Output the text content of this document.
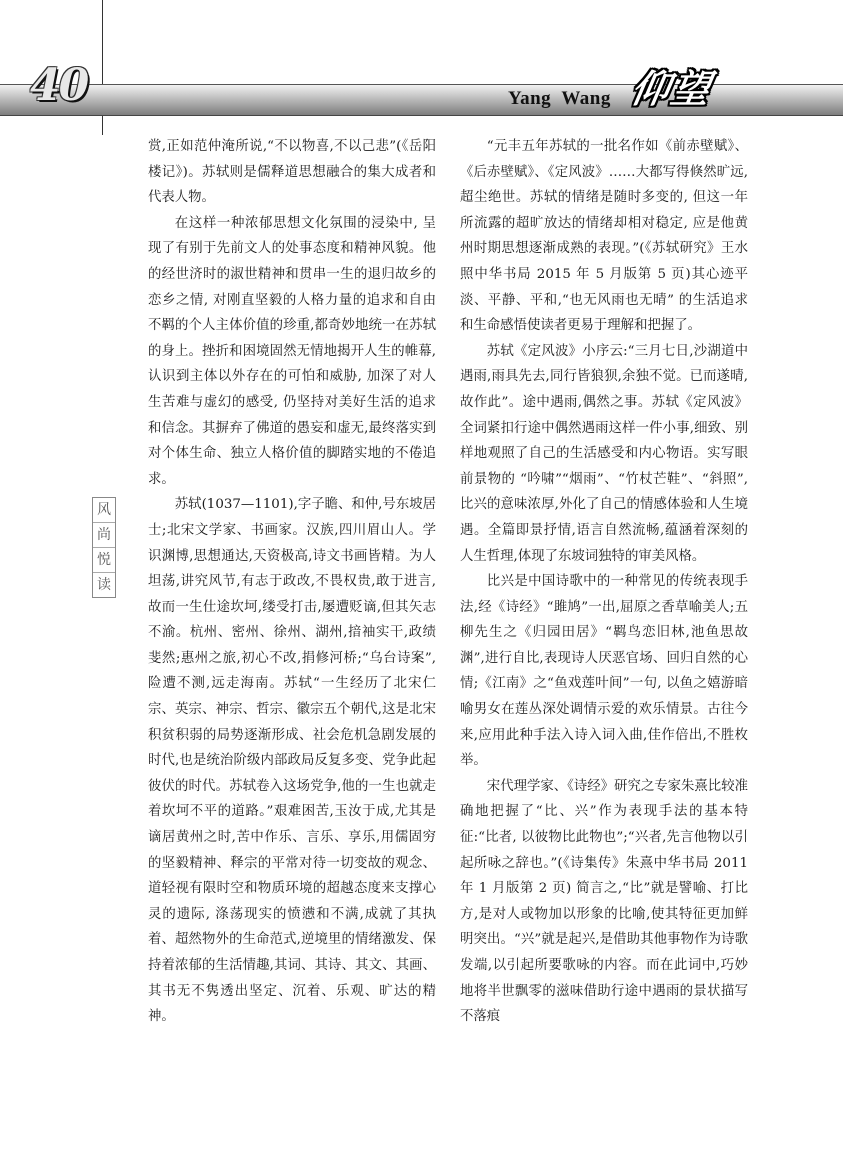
40	Yang  Wang 仰望
风
尚
悦
读

赏,正如范仲淹所说,“不以物喜,不以己悲”(《岳阳楼记》)。苏轼则是儒释道思想融合的集大成者和代表人物。

在这样一种浓郁思想文化氛围的浸染中, 呈现了有别于先前文人的处事态度和精神风貌。他的经世济时的淑世精神和贯串一生的退归故乡的恋乡之情, 对刚直坚毅的人格力量的追求和自由不羁的个人主体价值的珍重,都奇妙地统一在苏轼的身上。挫折和困境固然无情地揭开人生的帷幕, 认识到主体以外存在的可怕和威胁, 加深了对人生苦难与虚幻的感受, 仍坚持对美好生活的追求和信念。其摒弃了佛道的愚妄和虚无,最终落实到对个体生命、独立人格价值的脚踏实地的不倦追求。

苏轼(1037—1101),字子瞻、和仲,号东坡居士;北宋文学家、书画家。汉族,四川眉山人。学识渊博,思想通达,天资极高,诗文书画皆精。为人坦荡,讲究风节,有志于政改,不畏权贵,敢于进言,故而一生仕途坎坷,缕受打击,屡遭贬谪,但其矢志不渝。杭州、密州、徐州、湖州,揞袖实干,政绩斐然;惠州之旅,初心不改,捐修河桥;“乌台诗案”,险遭不测,远走海南。苏轼“一生经历了北宋仁宗、英宗、神宗、哲宗、徽宗五个朝代,这是北宋积贫积弱的局势逐渐形成、社会危机急剧发展的时代,也是统治阶级内部政局反复多变、党争此起彼伏的时代。苏轼卷入这场党争,他的一生也就走着坎坷不平的道路。”艰难困苦,玉汝于成,尤其是谪居黄州之时,苦中作乐、言乐、享乐,用儒固穷的坚毅精神、释宗的平常对待一切变故的观念、道轻视有限时空和物质环境的超越态度来支撑心灵的遗际, 涤荡现实的愤懑和不满,成就了其执着、超然物外的生命范式,逆境里的情绪激发、保持着浓郁的生活情趣,其词、其诗、其文、其画、其书无不隽透出坚定、沉着、乐观、旷达的精神。

“元丰五年苏轼的一批名作如《前赤壁赋》、《后赤壁赋》、《定风波》……大都写得倏然旷远, 超尘绝世。苏轼的情绪是随时多变的, 但这一年所流露的超旷放达的情绪却相对稳定, 应是他黄州时期思想逐渐成熟的表现。”(《苏轼研究》王水照中华书局 2015 年 5 月版第 5 页)其心迹平淡、平静、平和,“也无风雨也无晴” 的生活追求和生命感悟使读者更易于理解和把握了。

苏轼《定风波》小序云:“三月七日,沙湖道中遇雨,雨具先去,同行皆狼狈,余独不觉。已而遂晴,故作此”。途中遇雨,偶然之事。苏轼《定风波》全词紧扣行途中偶然遇雨这样一件小事,细致、别样地观照了自己的生活感受和内心物语。实写眼前景物的 “吟啸”“烟雨”、“竹杖芒鞋”、“斜照”,比兴的意味浓厚,外化了自己的情感体验和人生境遇。全篇即景抒情,语言自然流畅,蕴涵着深刻的人生哲理,体现了东坡词独特的审美风格。

比兴是中国诗歌中的一种常见的传统表现手法,经《诗经》“雎鸠”一出,屈原之香草喻美人;五柳先生之《归园田居》“羁鸟恋旧林,池鱼思故渊”,进行自比,表现诗人厌恶官场、回归自然的心情;《江南》之“鱼戏莲叶间”一句, 以鱼之嬉游暗喻男女在莲丛深处调情示爱的欢乐情景。古往今来,应用此种手法入诗入词入曲,佳作倍出,不胜枚举。

宋代理学家、《诗经》研究之专家朱熹比较准确地把握了“比、兴”作为表现手法的基本特征:“比者, 以彼物比此物也”;“兴者,先言他物以引起所咏之辞也。”(《诗集传》朱熹中华书局 2011 年 1 月版第 2 页) 简言之,“比”就是譬喻、打比方,是对人或物加以形象的比喻,使其特征更加鲜明突出。“兴”就是起兴,是借助其他事物作为诗歌发端,以引起所要歌咏的内容。而在此词中,巧妙地将半世飘零的滋味借助行途中遇雨的景状描写不落痕
